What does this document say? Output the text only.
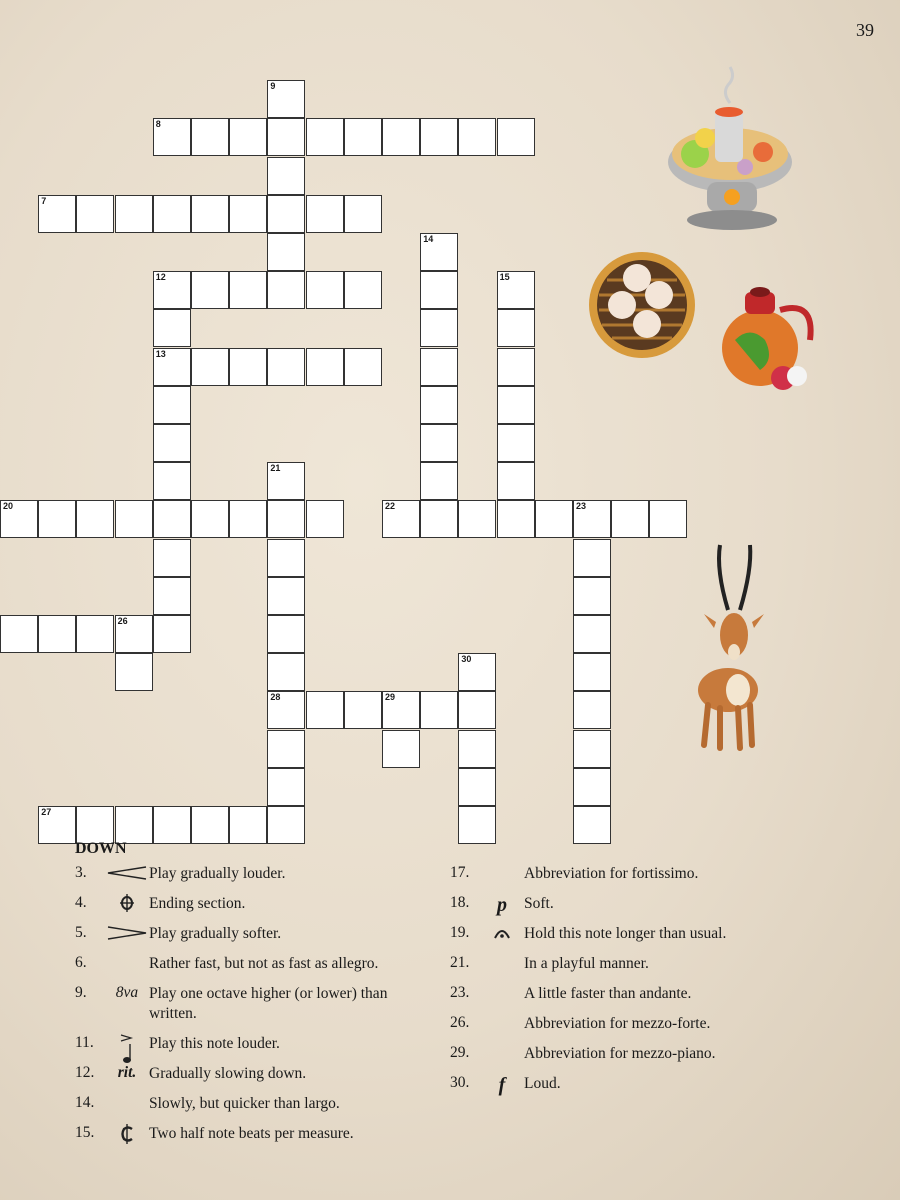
39
9
8
7
14
12	15
13
21
20	22	23
26
30
28	29
27
DOWN
3.	Play gradually louder.
4.	Ending section.
5.	Play gradually softer.
6.	Rather fast, but not as fast as allegro.
9.	8va Play one octave higher (or lower) than written.
11.	Play this note louder.
12.	rit. Gradually slowing down.
14.	Slowly, but quicker than largo.
15.	Two half note beats per measure.
17.	Abbreviation for fortissimo.
18.	p	Soft.
19.	Hold this note longer than usual.
21.	In a playful manner.
23.	A little faster than andante.
26.	Abbreviation for mezzo-forte.
29.	Abbreviation for mezzo-piano.
30.	f	Loud.
